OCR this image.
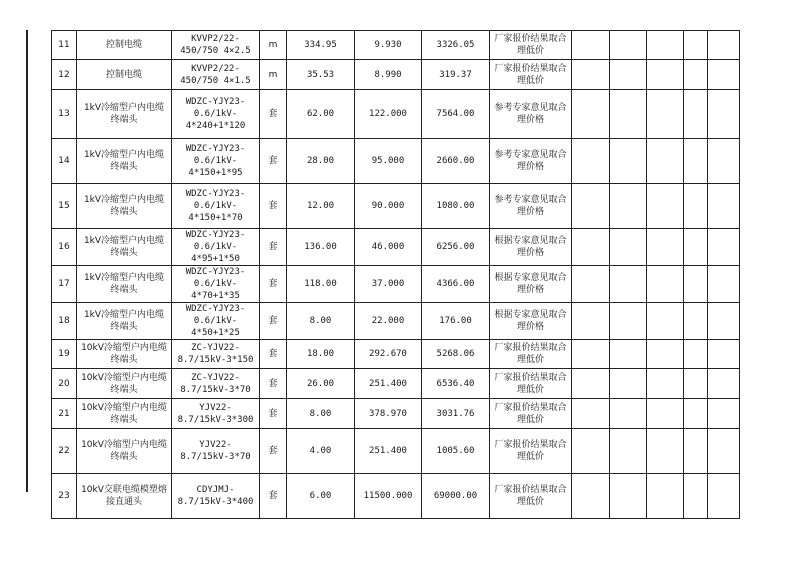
11	控制电缆	KVVP2/22-450/750 4×2.5	m	334.95	9.930	3326.05	厂家报价结果取合理低价					
12	控制电缆	KVVP2/22-450/750 4×1.5	m	35.53	8.990	319.37	厂家报价结果取合理低价					
13	1kV冷缩型户内电缆终端头	WDZC-YJY23-0.6/1kV-4*240+1*120	套	62.00	122.000	7564.00	参考专家意见取合理价格					
14	1kV冷缩型户内电缆终端头	WDZC-YJY23-0.6/1kV-4*150+1*95	套	28.00	95.000	2660.00	参考专家意见取合理价格					
15	1kV冷缩型户内电缆终端头	WDZC-YJY23-0.6/1kV-4*150+1*70	套	12.00	90.000	1080.00	参考专家意见取合理价格					
16	1kV冷缩型户内电缆终端头	WDZC-YJY23-0.6/1kV-4*95+1*50	套	136.00	46.000	6256.00	根据专家意见取合理价格					
17	1kV冷缩型户内电缆终端头	WDZC-YJY23-0.6/1kV-4*70+1*35	套	118.00	37.000	4366.00	根据专家意见取合理价格					
18	1kV冷缩型户内电缆终端头	WDZC-YJY23-0.6/1kV-4*50+1*25	套	8.00	22.000	176.00	根据专家意见取合理价格					
19	10kV冷缩型户内电缆终端头	ZC-YJV22-8.7/15kV-3*150	套	18.00	292.670	5268.06	厂家报价结果取合理低价					
20	10kV冷缩型户内电缆终端头	ZC-YJV22-8.7/15kV-3*70	套	26.00	251.400	6536.40	厂家报价结果取合理低价					
21	10kV冷缩型户内电缆终端头	YJV22-8.7/15kV-3*300	套	8.00	378.970	3031.76	厂家报价结果取合理低价					
22	10kV冷缩型户内电缆终端头	YJV22-8.7/15kV-3*70	套	4.00	251.400	1005.60	厂家报价结果取合理低价					
23	10kV交联电缆模塑熔接直通头	CDYJMJ-8.7/15kV-3*400	套	6.00	11500.000	69000.00	厂家报价结果取合理低价					
